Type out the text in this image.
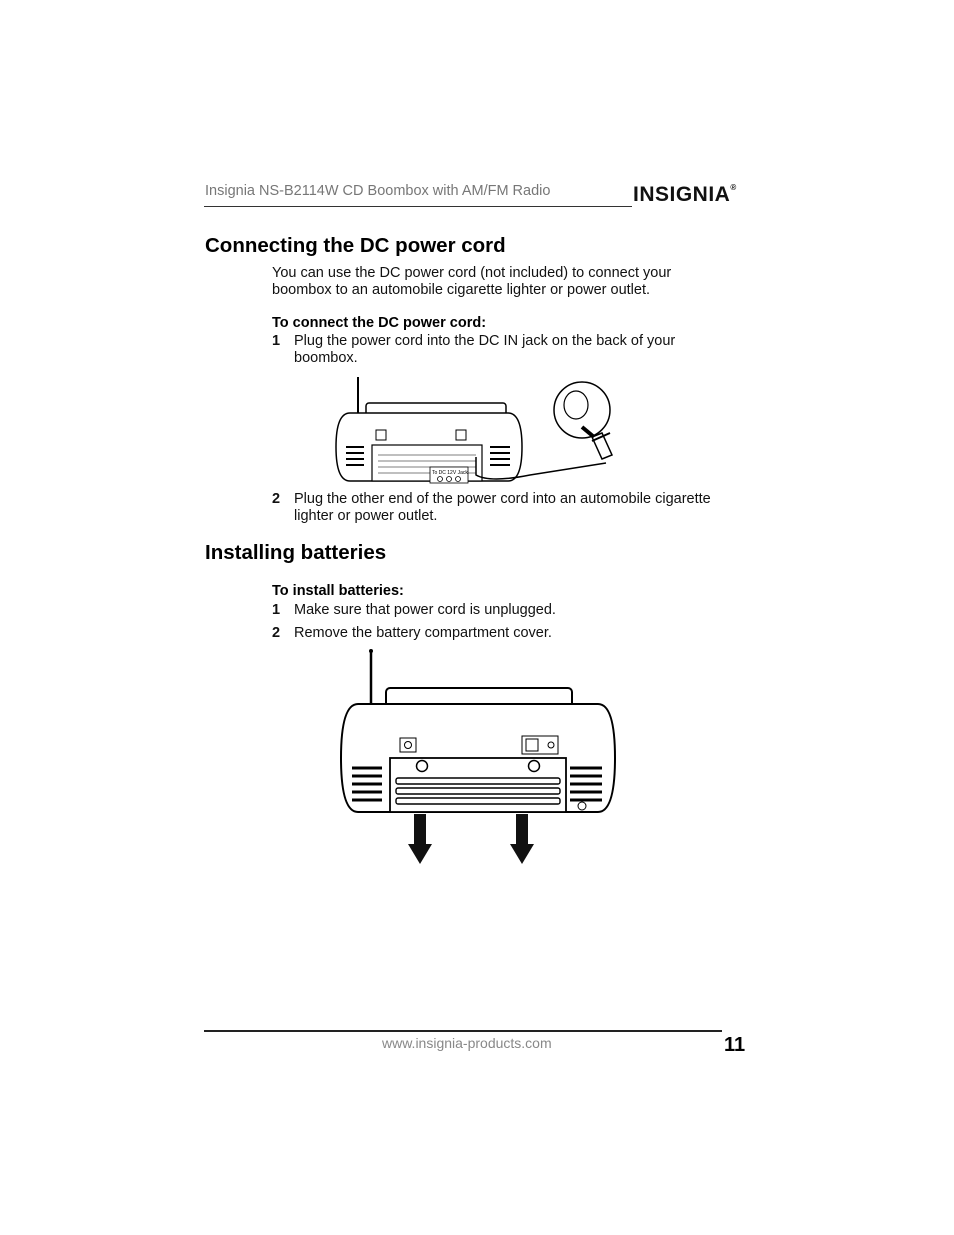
Insignia NS-B2114W CD Boombox with AM/FM Radio	INSIGNIA®
Connecting the DC power cord
You can use the DC power cord (not included) to connect your
boombox to an automobile cigarette lighter or power outlet.
To connect the DC power cord:
1 Plug the power cord into the DC IN jack on the back of your
boombox.
To DC 12V Jack
2 Plug the other end of the power cord into an automobile cigarette
lighter or power outlet.
Installing batteries
To install batteries:
1 Make sure that power cord is unplugged.
2 Remove the battery compartment cover.
www.insignia-products.com	11
